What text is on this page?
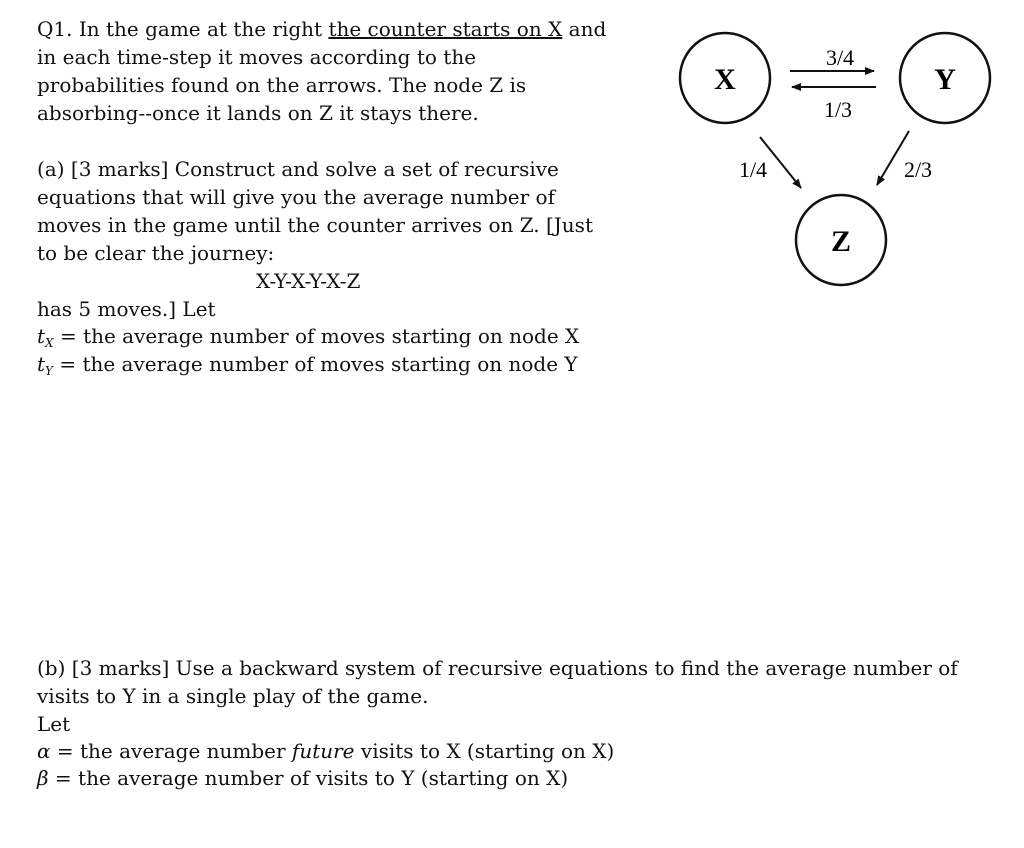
Q1. In the game at the right the counter starts on X and
in each time-step it moves according to the
probabilities found on the arrows. The node Z is
absorbing--once it lands on Z it stays there.
(a) [3 marks] Construct and solve a set of recursive
equations that will give you the average number of
moves in the game until the counter arrives on Z. [Just
to be clear the journey:
X-Y-X-Y-X-Z
has 5 moves.] Let
$t_X$ = the average number of moves starting on node X
$t_Y$ = the average number of moves starting on node Y
(b) [3 marks] Use a backward system of recursive equations to find the average number of
visits to Y in a single play of the game.
Let
α = the average number future visits to X (starting on X)
β = the average number of visits to Y (starting on X)
X	Y
Z
3/4
1/3
1/4	2/3
